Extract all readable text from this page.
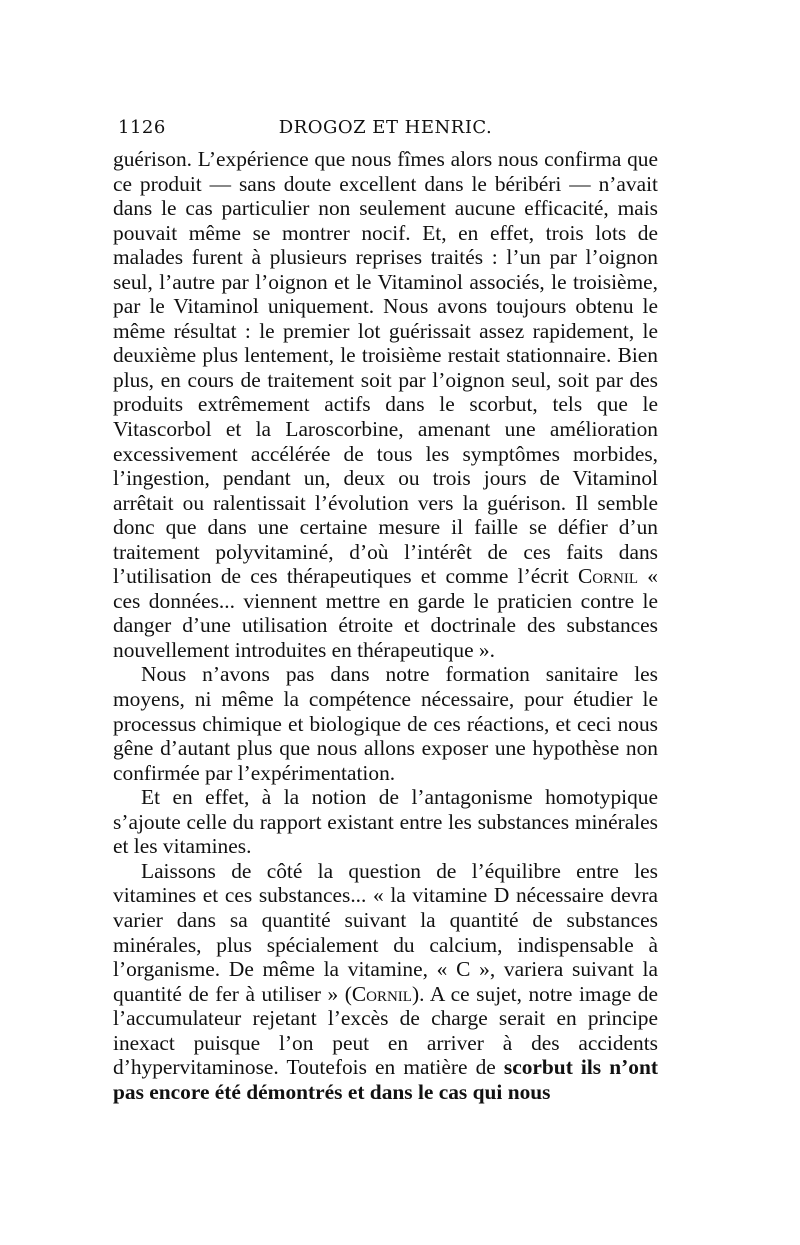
1126	DROGOZ ET HENRIC.

guérison. L’expérience que nous fîmes alors nous confirma que ce produit — sans doute excellent dans le béribéri — n’avait dans le cas particulier non seulement aucune efficacité, mais pouvait même se montrer nocif. Et, en effet, trois lots de malades furent à plusieurs reprises traités : l’un par l’oignon seul, l’autre par l’oignon et le Vitaminol associés, le troisième, par le Vitaminol uniquement. Nous avons toujours obtenu le même résultat : le premier lot guérissait assez rapidement, le deuxième plus lentement, le troisième restait stationnaire. Bien plus, en cours de traitement soit par l’oignon seul, soit par des produits extrêmement actifs dans le scorbut, tels que le Vitascorbol et la Laroscorbine, amenant une amélioration excessivement accélérée de tous les symptômes morbides, l’ingestion, pendant un, deux ou trois jours de Vitaminol arrêtait ou ralentissait l’évolution vers la guérison. Il semble donc que dans une certaine mesure il faille se défier d’un traitement polyvitaminé, d’où l’intérêt de ces faits dans l’utilisation de ces thérapeutiques et comme l’écrit Cornil « ces données... viennent mettre en garde le praticien contre le danger d’une utilisation étroite et doctrinale des substances nouvellement introduites en thérapeutique ».

Nous n’avons pas dans notre formation sanitaire les moyens, ni même la compétence nécessaire, pour étudier le processus chimique et biologique de ces réactions, et ceci nous gêne d’autant plus que nous allons exposer une hypothèse non confirmée par l’expérimentation.

Et en effet, à la notion de l’antagonisme homotypique s’ajoute celle du rapport existant entre les substances minérales et les vitamines.

Laissons de côté la question de l’équilibre entre les vitamines et ces substances... « la vitamine D nécessaire devra varier dans sa quantité suivant la quantité de substances minérales, plus spécialement du calcium, indispensable à l’organisme. De même la vitamine, « C », variera suivant la quantité de fer à utiliser » (Cornil). A ce sujet, notre image de l’accumulateur rejetant l’excès de charge serait en principe inexact puisque l’on peut en arriver à des accidents d’hypervitaminose. Toutefois en matière de scorbut ils n’ont pas encore été démontrés et dans le cas qui nous
